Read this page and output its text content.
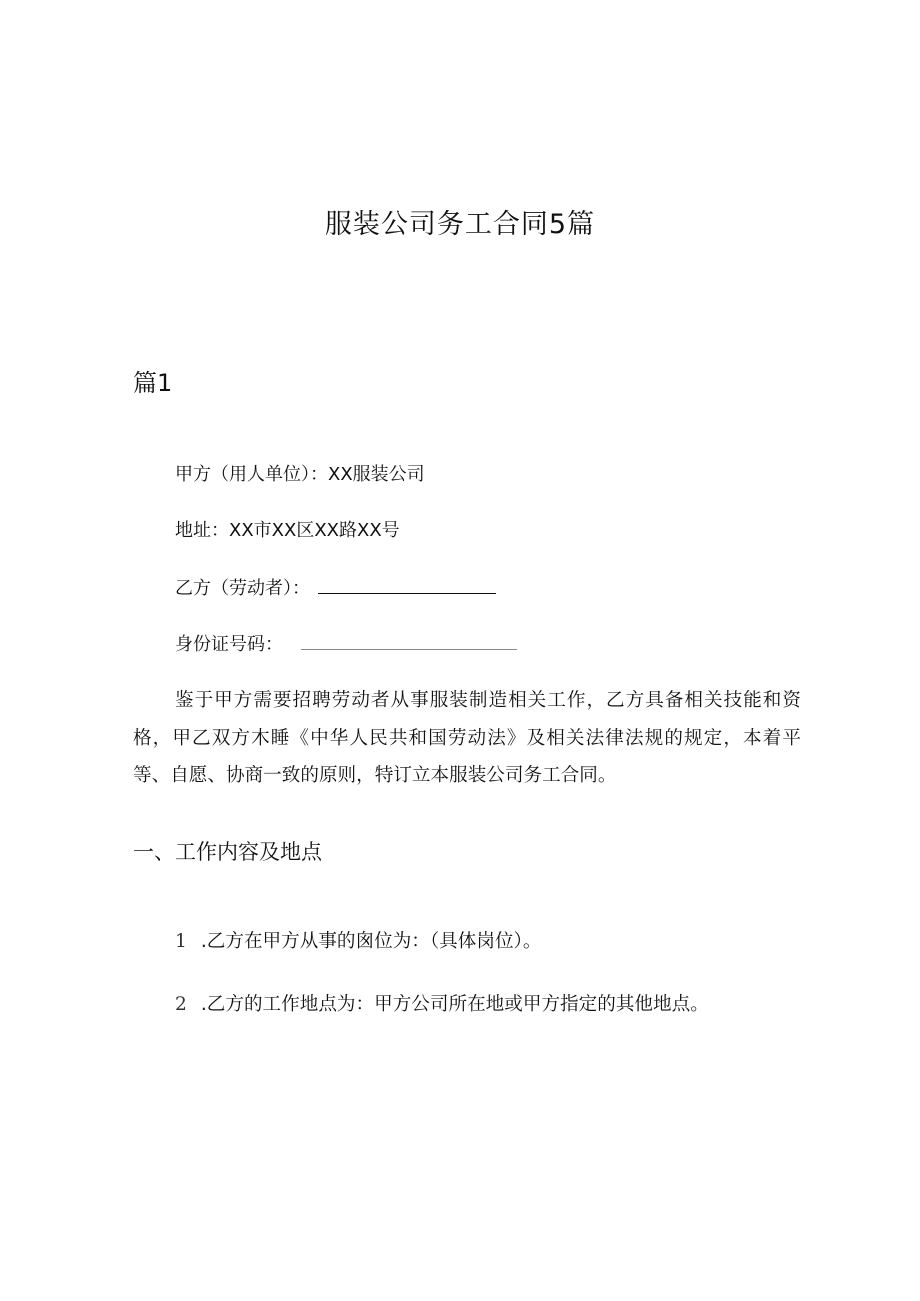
服装公司务工合同5篇
篇1
甲方（用人单位）：XX服装公司
地址：XX市XX区XX路XX号
乙方（劳动者）：
身份证号码：

鉴于甲方需要招聘劳动者从事服装制造相关工作，乙方具备相关技能和资格，甲乙双方木睡《中华人民共和国劳动法》及相关法律法规的规定，本着平等、自愿、协商一致的原则，特订立本服装公司务工合同。

一、工作内容及地点
1 .乙方在甲方从事的囪位为：（具体岗位）。
2 .乙方的工作地点为：甲方公司所在地或甲方指定的其他地点。
